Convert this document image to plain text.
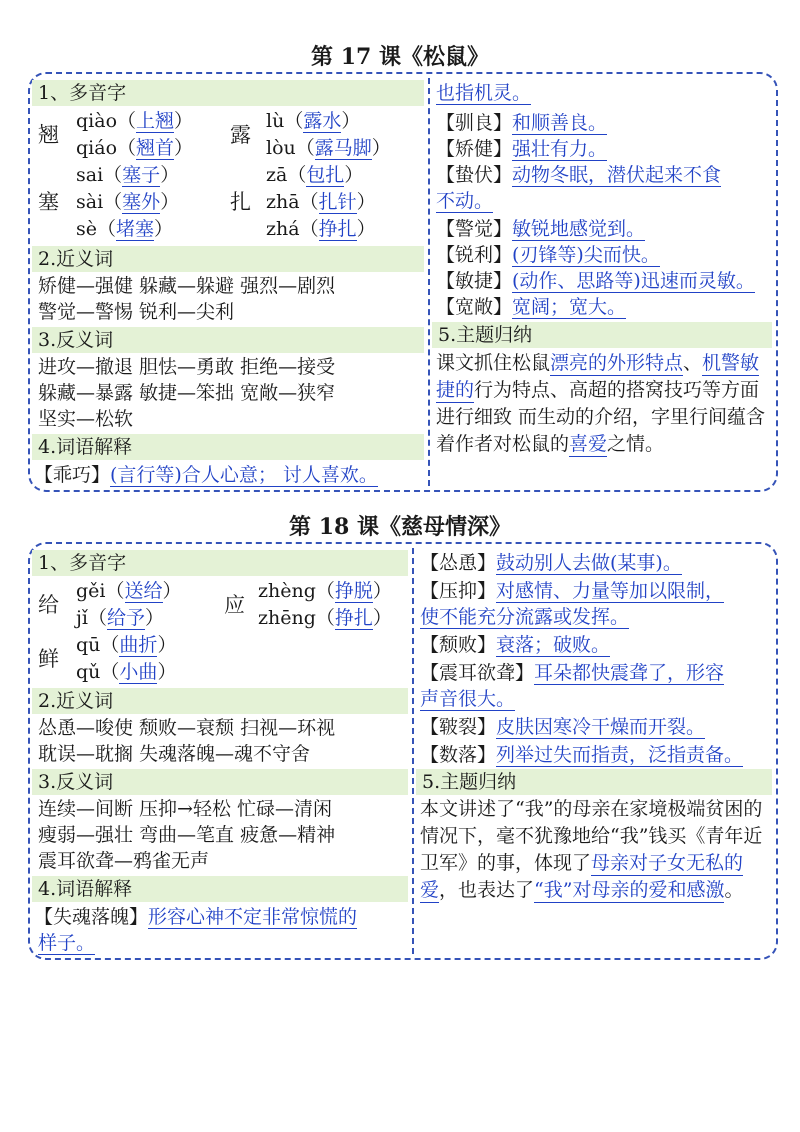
第 17 课《松鼠》
1、多音字
翘
qiào（上翘）
qiáo（翘首）
露
lù（露水）
lòu（露马脚）
塞
sai（塞子）
sài（塞外）
sè（堵塞）
扎
zā（包扎）
zhā（扎针）
zhá（挣扎）
2.近义词
矫健—强健 躲藏—躲避 强烈—剧烈
警觉—警惕 锐利—尖利
3.反义词
进攻—撤退 胆怯—勇敢 拒绝—接受
躲藏—暴露 敏捷—笨拙 宽敞—狭窄
坚实—松软
4.词语解释
【乖巧】(言行等)合人心意； 讨人喜欢。
也指机灵。
【驯良】和顺善良。
【矫健】强壮有力。
【蛰伏】动物冬眠，潜伏起来不食
不动。
【警觉】敏锐地感觉到。
【锐利】(刃锋等)尖而快。
【敏捷】(动作、思路等)迅速而灵敏。
【宽敞】宽阔；宽大。
5.主题归纳
课文抓住松鼠漂亮的外形特点、机警敏捷的行为特点、高超的搭窝技巧等方面进行细致 而生动的介绍，字里行间蕴含着作者对松鼠的喜爱之情。
第 18 课《慈母情深》
1、多音字
给
gěi（送给）
jǐ（给予）
应
zhèng（挣脱）
zhēng（挣扎）
鲜
qū（曲折）
qǔ（小曲）
2.近义词
怂恿—唆使 颓败—衰颓 扫视—环视
耽误—耽搁 失魂落魄—魂不守舍
3.反义词
连续—间断 压抑→轻松 忙碌—清闲
瘦弱—强壮 弯曲—笔直 疲惫—精神
震耳欲聋—鸦雀无声
4.词语解释
【失魂落魄】形容心神不定非常惊慌的
样子。
【怂恿】鼓动别人去做(某事)。
【压抑】对感情、力量等加以限制，
使不能充分流露或发挥。
【颓败】衰落；破败。
【震耳欲聋】耳朵都快震聋了，形容
声音很大。
【皲裂】皮肤因寒冷干燥而开裂。
【数落】列举过失而指责，泛指责备。
5.主题归纳
本文讲述了“我”的母亲在家境极端贫困的情况下，毫不犹豫地给“我”钱买《青年近卫军》的事，体现了母亲对子女无私的爱，也表达了“我”对母亲的爱和感激。
